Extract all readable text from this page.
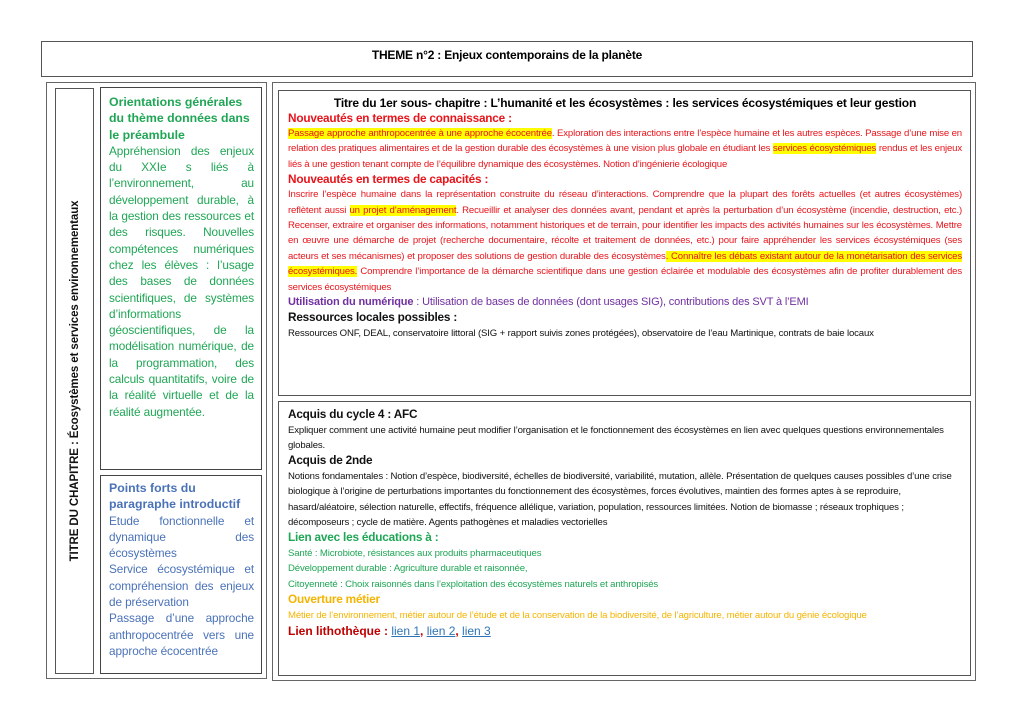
THEME n°2 : Enjeux contemporains de la planète
TITRE DU CHAPITRE : Écosystèmes et services environnementaux
Orientations générales du thème données dans le préambule
Appréhension des enjeux du XXIe s liés à l’environnement, au développement durable, à la gestion des ressources et des risques. Nouvelles compétences numériques chez les élèves : l’usage des bases de données scientifiques, de systèmes d’informations géoscientifiques, de la modélisation numérique, de la programmation, des calculs quantitatifs, voire de la réalité virtuelle et de la réalité augmentée.
Points forts du paragraphe introductif
Etude fonctionnelle et dynamique des écosystèmes
Service écosystémique et compréhension des enjeux de préservation
Passage d’une approche anthropocentrée vers une approche écocentrée
Titre du 1er sous- chapitre : L’humanité et les écosystèmes : les services écosystémiques et leur gestion
Nouveautés en termes de connaissance :
Passage approche anthropocentrée à une approche écocentrée. Exploration des interactions entre l’espèce humaine et les autres espèces. Passage d’une mise en relation des pratiques alimentaires et de la gestion durable des écosystèmes à une vision plus globale en étudiant les services écosystémiques rendus et les enjeux liés à une gestion tenant compte de l’équilibre dynamique des écosystèmes. Notion d’ingénierie écologique
Nouveautés en termes de capacités :
Inscrire l’espèce humaine dans la représentation construite du réseau d’interactions. Comprendre que la plupart des forêts actuelles (et autres écosystèmes) reflètent aussi un projet d’aménagement. Recueillir et analyser des données avant, pendant et après la perturbation d’un écosystème (incendie, destruction, etc.) Recenser, extraire et organiser des informations, notamment historiques et de terrain, pour identifier les impacts des activités humaines sur les écosystèmes. Mettre en œuvre une démarche de projet (recherche documentaire, récolte et traitement de données, etc.) pour faire appréhender les services écosystémiques (ses acteurs et ses mécanismes) et proposer des solutions de gestion durable des écosystèmes. Connaître les débats existant autour de la monétarisation des services écosystémiques. Comprendre l’importance de la démarche scientifique dans une gestion éclairée et modulable des écosystèmes afin de profiter durablement des services écosystémiques
Utilisation du numérique : Utilisation de bases de données (dont usages SIG), contributions des SVT à l’EMI
Ressources locales possibles :
Ressources ONF, DEAL, conservatoire littoral (SIG + rapport suivis zones protégées), observatoire de l’eau Martinique, contrats de baie locaux
Acquis du cycle 4 : AFC
Expliquer comment une activité humaine peut modifier l’organisation et le fonctionnement des écosystèmes en lien avec quelques questions environnementales globales.
Acquis de 2nde
Notions fondamentales : Notion d’espèce, biodiversité, échelles de biodiversité, variabilité, mutation, allèle. Présentation de quelques causes possibles d’une crise biologique à l’origine de perturbations importantes du fonctionnement des écosystèmes, forces évolutives, maintien des formes aptes à se reproduire, hasard/aléatoire, sélection naturelle, effectifs, fréquence allélique, variation, population, ressources limitées. Notion de biomasse ; réseaux trophiques ; décomposeurs ; cycle de matière. Agents pathogènes et maladies vectorielles
Lien avec les éducations à :
Santé : Microbiote, résistances aux produits pharmaceutiques
Développement durable : Agriculture durable et raisonnée,
Citoyenneté : Choix raisonnés dans l’exploitation des écosystèmes naturels et anthropisés
Ouverture métier
Métier de l’environnement, métier autour de l’étude et de la conservation de la biodiversité, de l’agriculture, métier autour du génie écologique
Lien lithothèque : lien 1, lien 2, lien 3
